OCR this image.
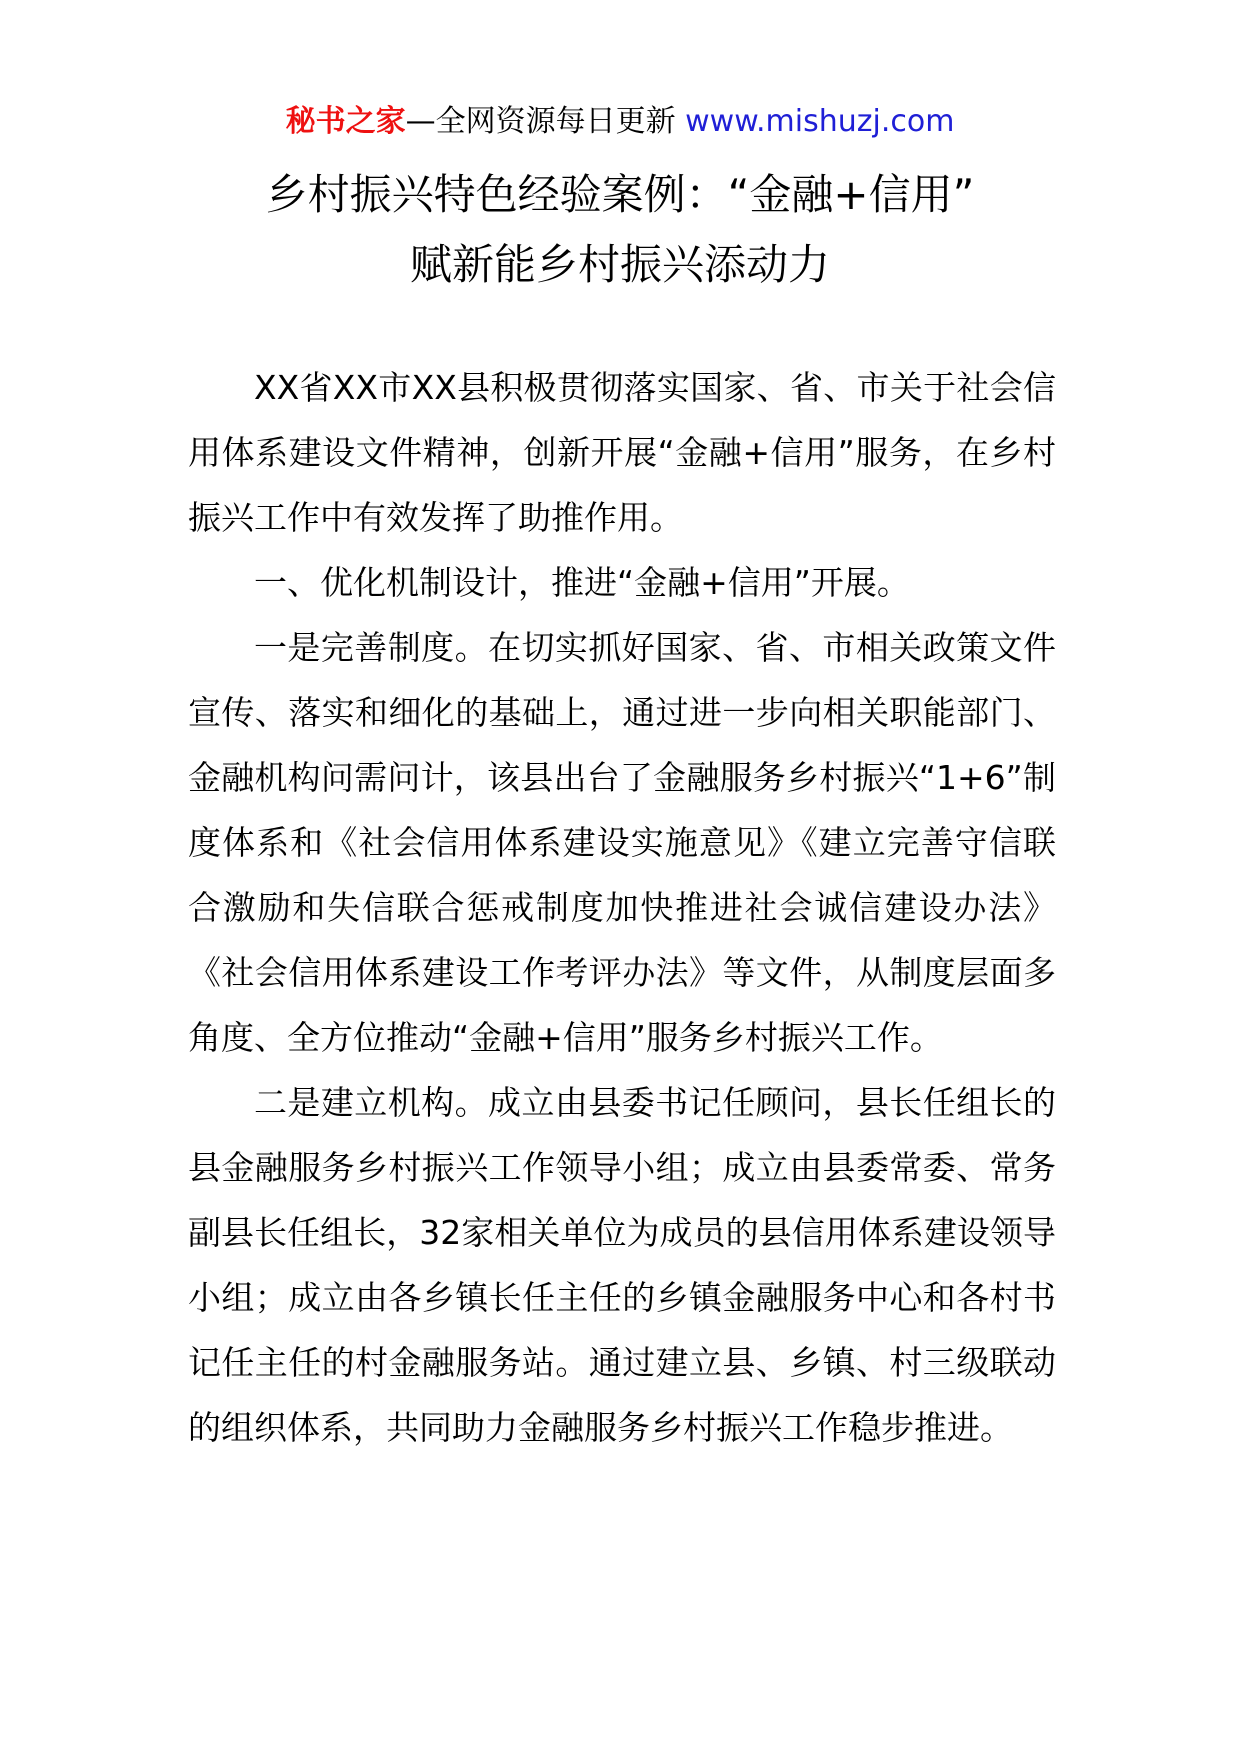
秘书之家—全网资源每日更新 www.mishuzj.com
乡村振兴特色经验案例：“金融+信用”
赋新能乡村振兴添动力

XX省XX市XX县积极贯彻落实国家、省、市关于社会信用体系建设文件精神，创新开展“金融+信用”服务，在乡村振兴工作中有效发挥了助推作用。

一、优化机制设计，推进“金融+信用”开展。

一是完善制度。在切实抓好国家、省、市相关政策文件宣传、落实和细化的基础上，通过进一步向相关职能部门、金融机构问需问计，该县出台了金融服务乡村振兴“1+6”制度体系和《社会信用体系建设实施意见》《建立完善守信联合激励和失信联合惩戒制度加快推进社会诚信建设办法》《社会信用体系建设工作考评办法》等文件，从制度层面多角度、全方位推动“金融+信用”服务乡村振兴工作。

二是建立机构。成立由县委书记任顾问，县长任组长的县金融服务乡村振兴工作领导小组；成立由县委常委、常务副县长任组长，32家相关单位为成员的县信用体系建设领导小组；成立由各乡镇长任主任的乡镇金融服务中心和各村书记任主任的村金融服务站。通过建立县、乡镇、村三级联动的组织体系，共同助力金融服务乡村振兴工作稳步推进。
